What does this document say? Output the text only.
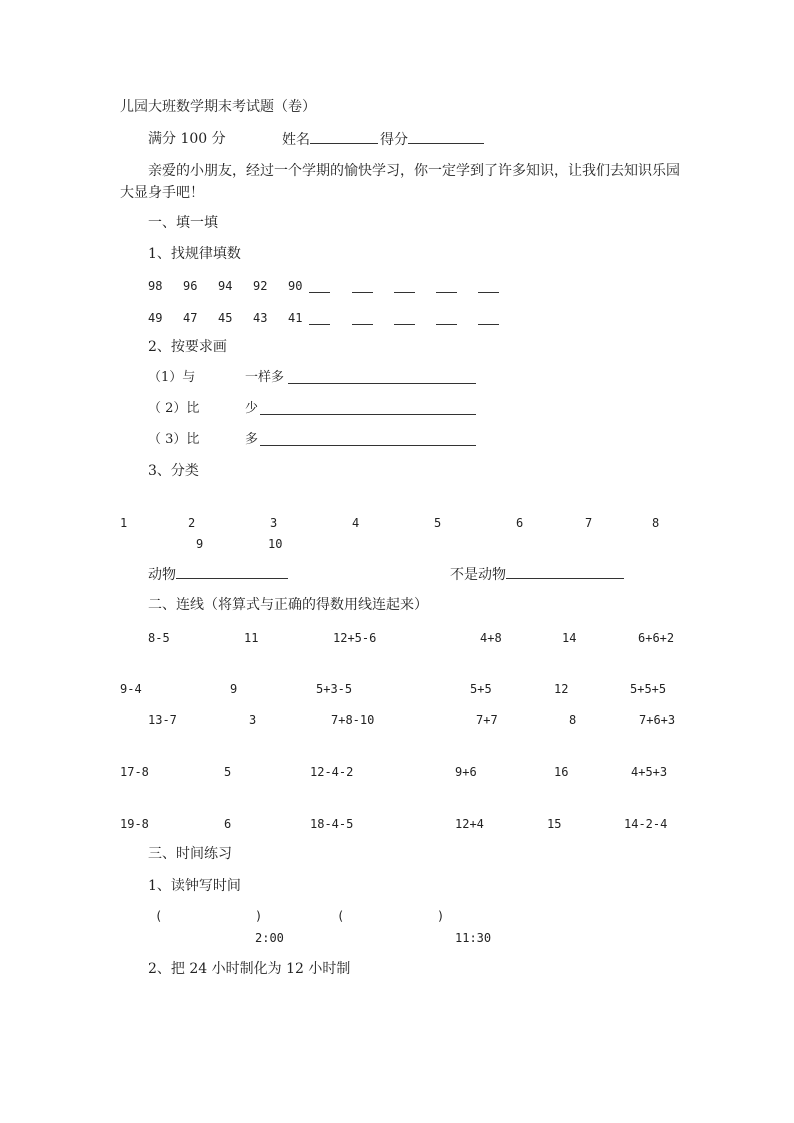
儿园大班数学期末考试题（卷）
满分 100 分	姓名	得分
亲爱的小朋友，经过一个学期的愉快学习，你一定学到了许多知识，让我们去知识乐园
大显身手吧！
一、填一填
1、找规律填数
98 96 94 92 90
49 47 45 43 41
2、按要求画
（1）与	一样多
（ 2）比	少
（ 3）比	多
3、分类
1	2	3	4	5	6	7	8
9	10
动物	不是动物
二、连线（将算式与正确的得数用线连起来）
8-5	11	12+5-6	4+8	14	6+6+2
9-4	9	5+3-5	5+5	12	5+5+5
13-7	3	7+8-10	7+7	8	7+6+3
17-8	5	12-4-2	9+6	16	4+5+3
19-8	6	18-4-5	12+4	15	14-2-4
三、时间练习
1、读钟写时间
(	)	(	)
2:00	11:30
2、把 24 小时制化为 12 小时制
